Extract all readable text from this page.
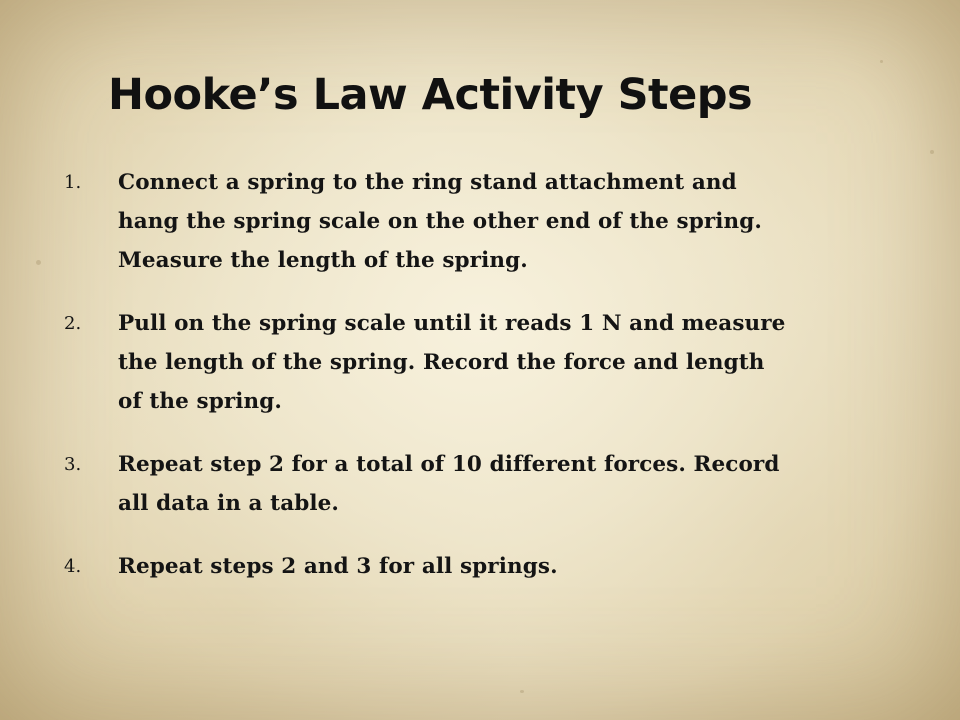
Hooke’s Law Activity Steps
1.	Connect a spring to the ring stand attachment and
hang the spring scale on the other end of the spring.
Measure the length of the spring.
2.	Pull on the spring scale until it reads 1 N and measure
the length of the spring. Record the force and length
of the spring.
3.	Repeat step 2 for a total of 10 different forces. Record
all data in a table.
4.	Repeat steps 2 and 3 for all springs.
